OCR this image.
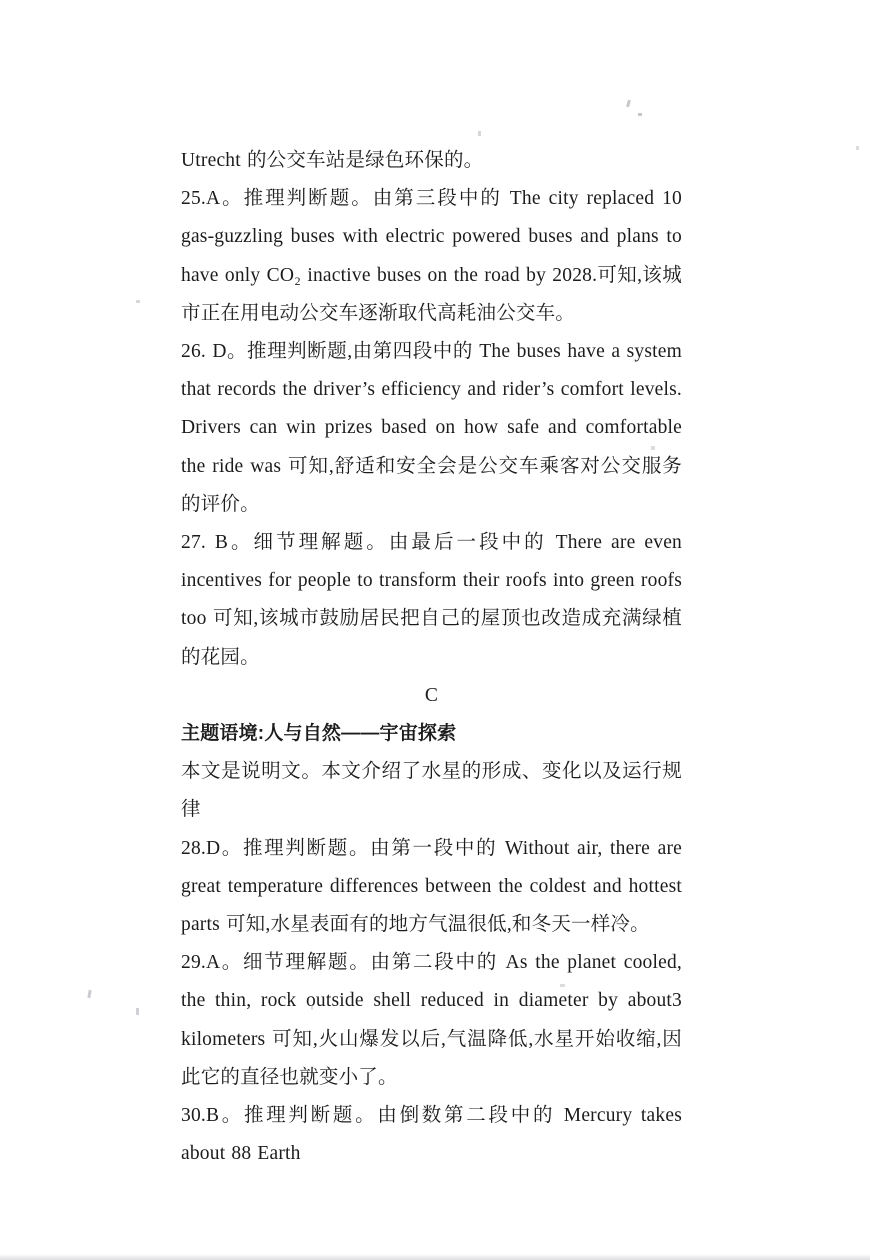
Utrecht 的公交车站是绿色环保的。

25.A。推理判断题。由第三段中的 The city replaced 10 gas-guzzling buses with electric powered buses and plans to have only CO₂ inactive buses on the road by 2028.可知,该城市正在用电动公交车逐渐取代高耗油公交车。

26. D。推理判断题,由第四段中的 The buses have a system that records the driver’s efficiency and rider’s comfort levels. Drivers can win prizes based on how safe and comfortable the ride was 可知,舒适和安全会是公交车乘客对公交服务的评价。

27. B。细节理解题。由最后一段中的 There are even incentives for people to transform their roofs into green roofs too 可知,该城市鼓励居民把自己的屋顶也改造成充满绿植的花园。

C

主题语境:人与自然——宇宙探索

本文是说明文。本文介绍了水星的形成、变化以及运行规律

28.D。推理判断题。由第一段中的 Without air, there are great temperature differences between the coldest and hottest parts 可知,水星表面有的地方气温很低,和冬天一样冷。

29.A。细节理解题。由第二段中的 As the planet cooled, the thin, rock outside shell reduced in diameter by about3 kilometers 可知,火山爆发以后,气温降低,水星开始收缩,因此它的直径也就变小了。

30.B。推理判断题。由倒数第二段中的 Mercury takes about 88 Earth
